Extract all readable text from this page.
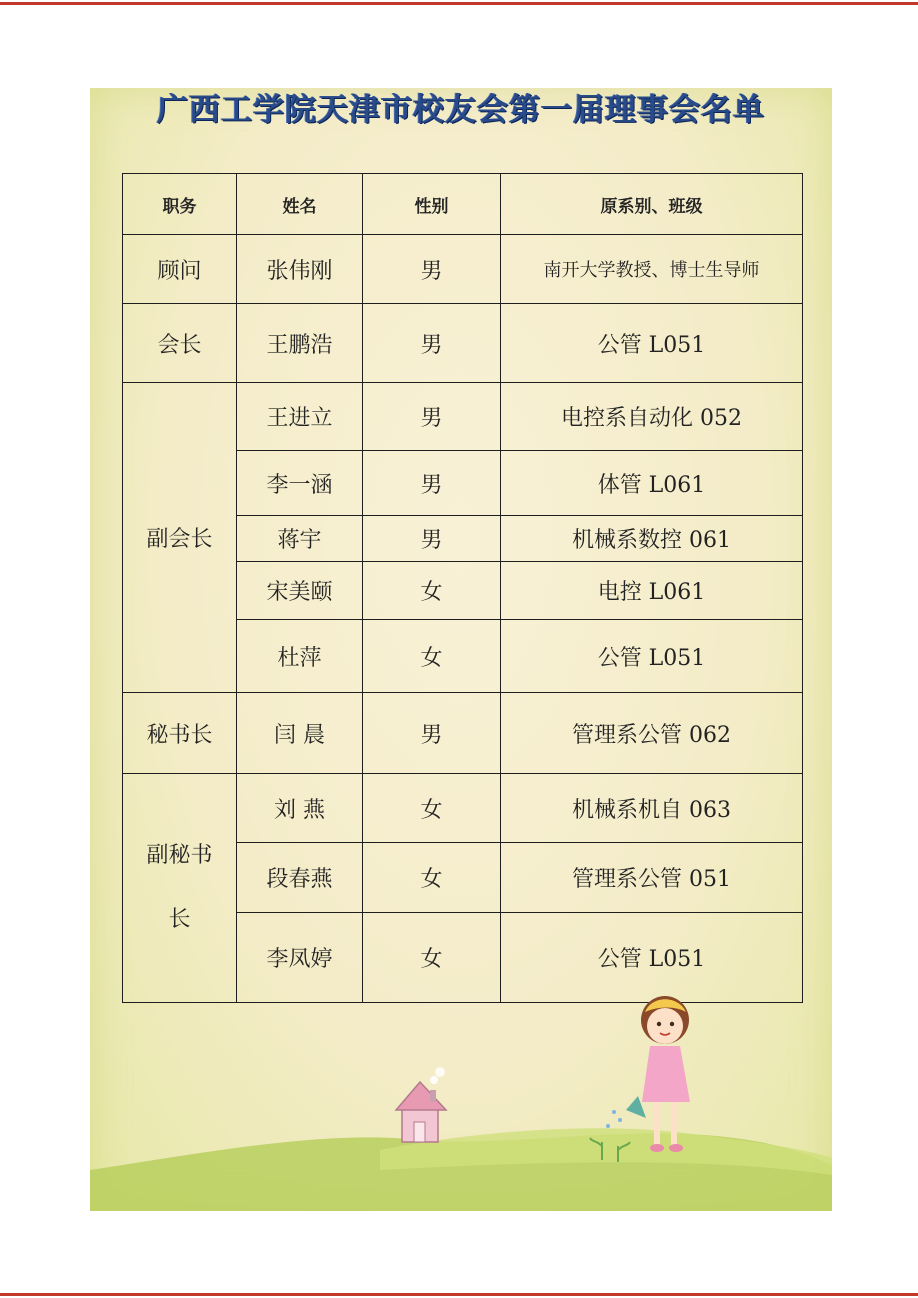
广西工学院天津市校友会第一届理事会名单
职务	姓名	性别	原系别、班级
顾问	张伟刚	男	南开大学教授、博士生导师
会长	王鹏浩	男	公管 L051
副会长	王进立	男	电控系自动化 052
	李一涵	男	体管 L061
	蒋宇	男	机械系数控 061
	宋美颐	女	电控 L061
	杜萍	女	公管 L051
秘书长	闫 晨	男	管理系公管 062

副秘书长	刘 燕	女	机械系机自 063
	段春燕	女	管理系公管 051
	李凤婷	女	公管 L051
